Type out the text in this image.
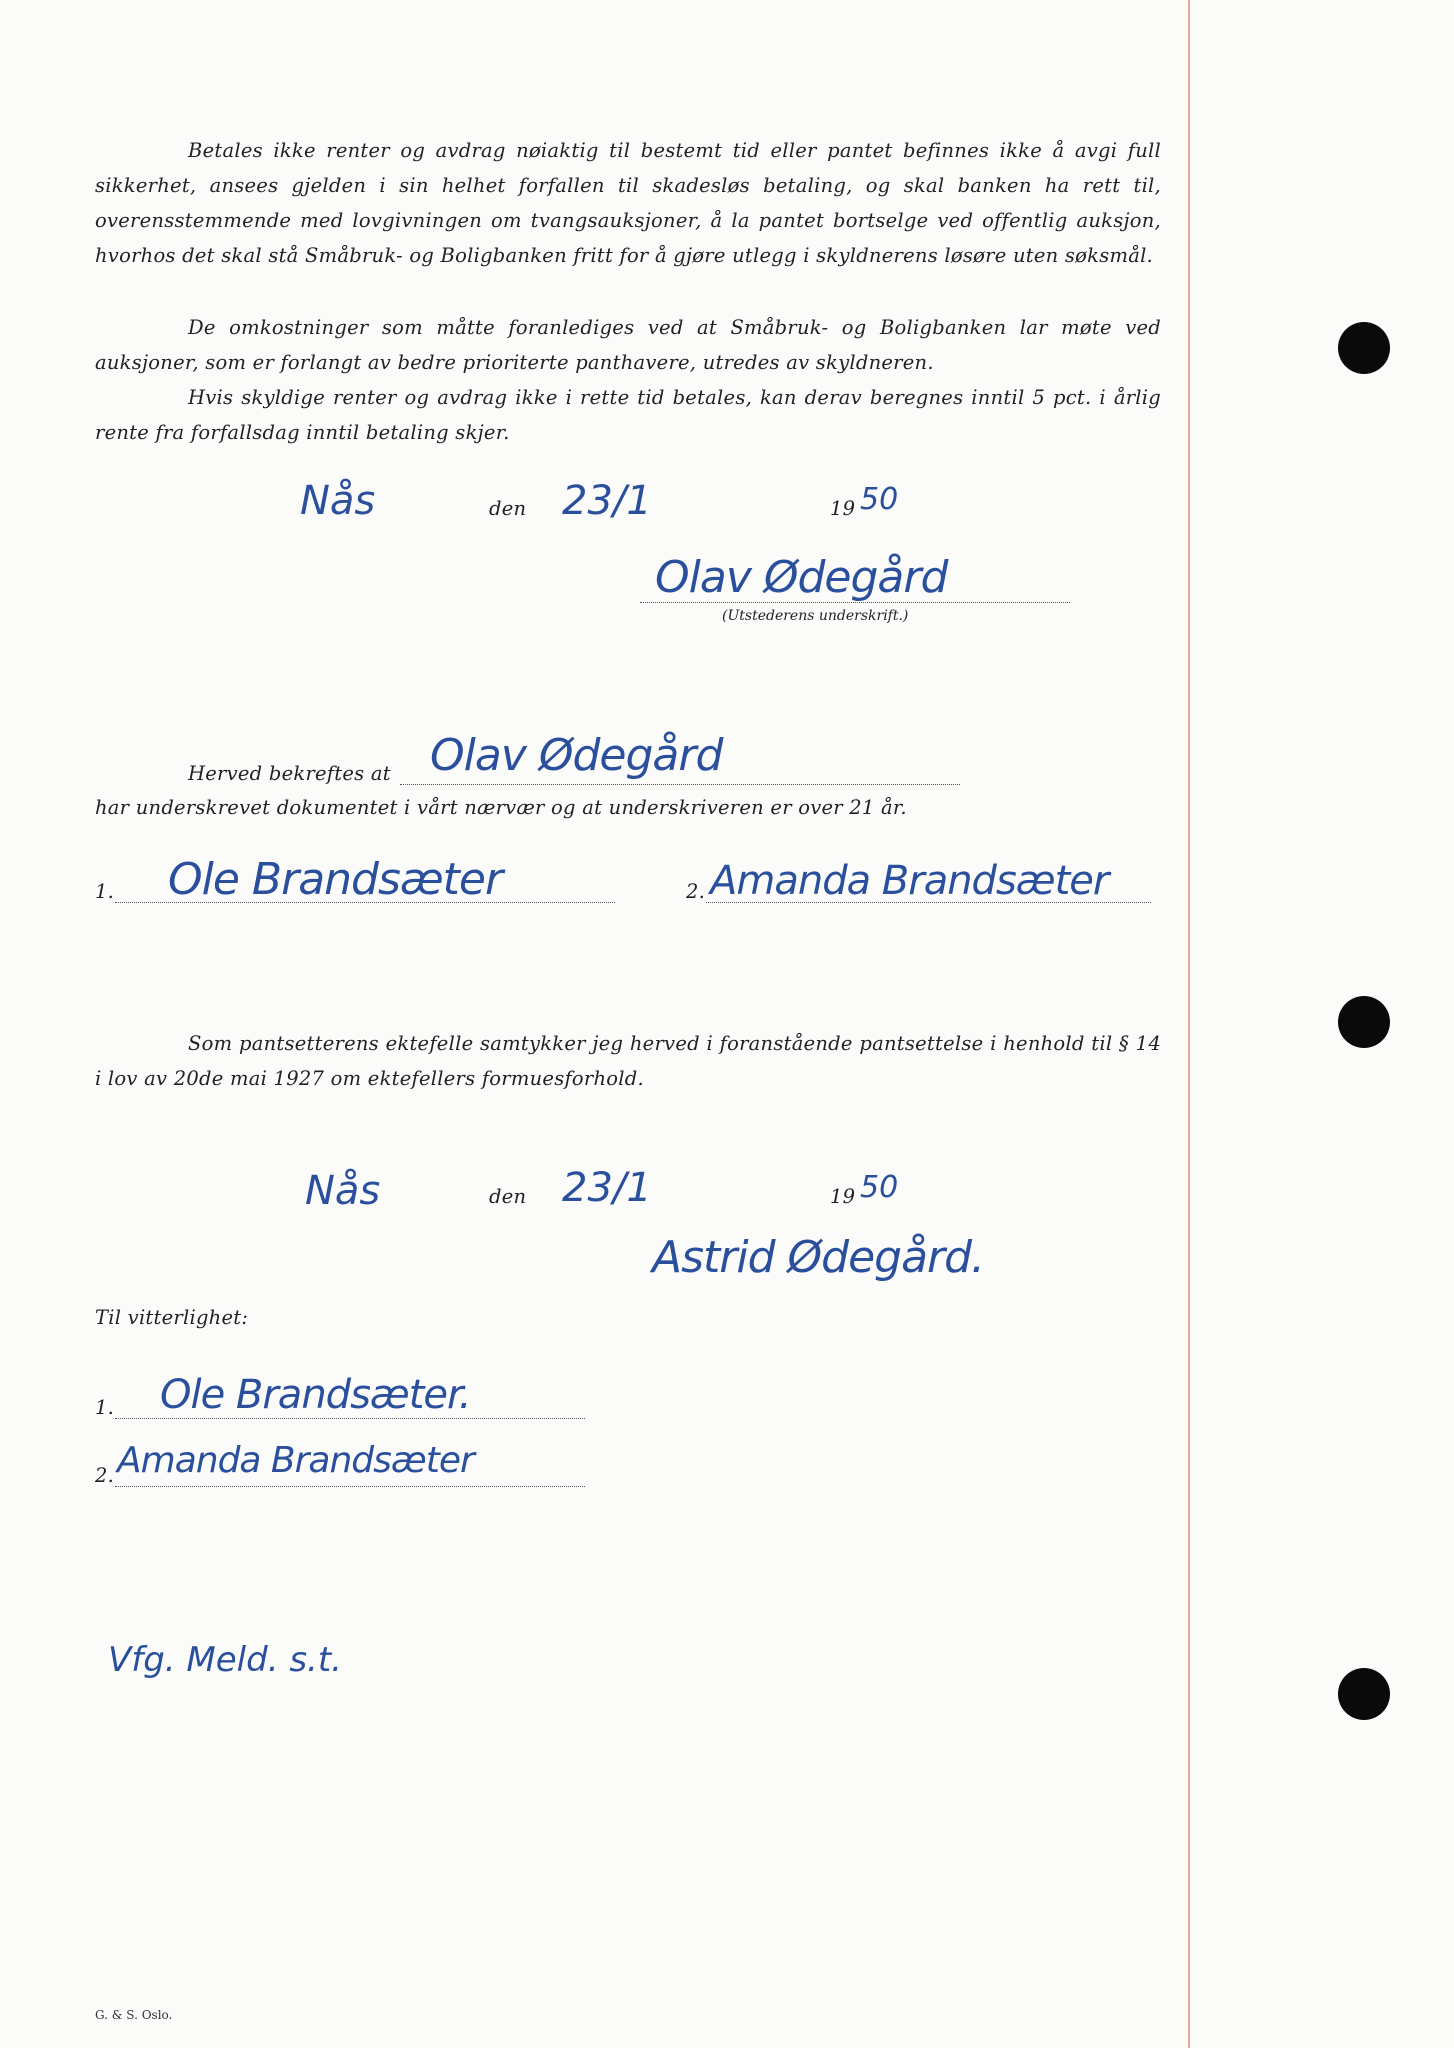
Betales ikke renter og avdrag nøiaktig til bestemt tid eller pantet befinnes ikke å avgi full sikkerhet, ansees gjelden i sin helhet forfallen til skadesløs betaling, og skal banken ha rett til, overensstemmende med lovgivningen om tvangsauksjoner, å la pantet bortselge ved offentlig auksjon, hvorhos det skal stå Småbruk- og Boligbanken fritt for å gjøre utlegg i skyldnerens løsøre uten søksmål.

De omkostninger som måtte foranlediges ved at Småbruk- og Boligbanken lar møte ved auksjoner, som er forlangt av bedre prioriterte panthavere, utredes av skyldneren.

Hvis skyldige renter og avdrag ikke i rette tid betales, kan derav beregnes inntil 5 pct. i årlig rente fra forfallsdag inntil betaling skjer.

Nås	den 23/1	19 50
Olav Ødegård
(Utstederens underskrift.)
Herved bekreftes at Olav Ødegård
har underskrevet dokumentet i vårt nærvær og at underskriveren er over 21 år.
1. Ole Brandsæter	2. Amanda Brandsæter

Som pantsetterens ektefelle samtykker jeg herved i foranstående pantsettelse i henhold til § 14 i lov av 20de mai 1927 om ektefellers formuesforhold.

Nås	den 23/1	19 50
Astrid Ødegård.
Til vitterlighet:
1. Ole Brandsæter.
2. Amanda Brandsæter
Vfg. Meld. s.t.
G. & S. Oslo.
